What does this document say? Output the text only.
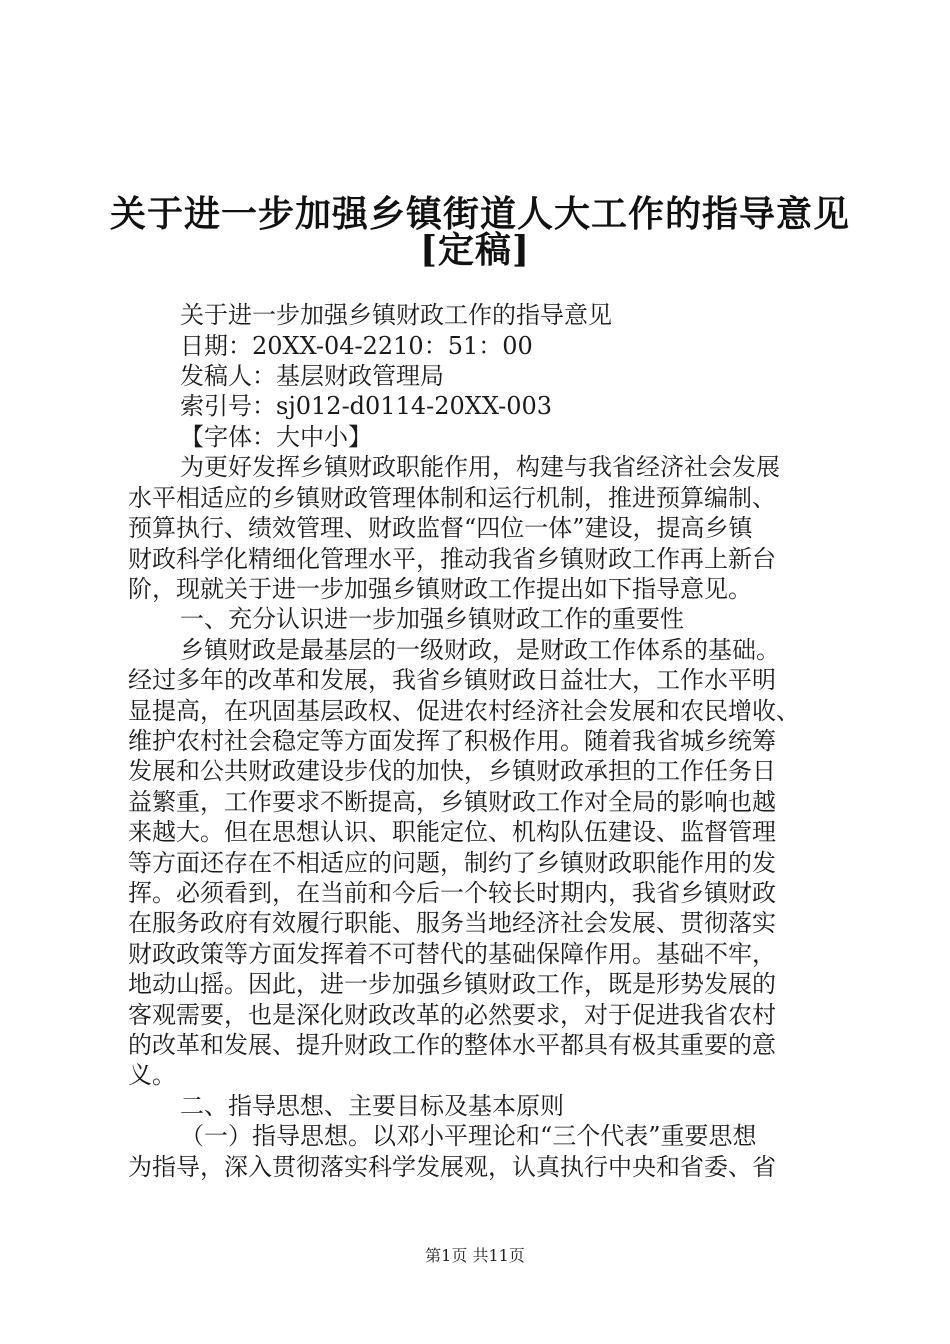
关于进一步加强乡镇街道人大工作的指导意见
[定稿]
关于进一步加强乡镇财政工作的指导意见
日期：20XX-04-2210：51：00
发稿人：基层财政管理局
索引号：sj012-d0114-20XX-003
【字体：大中小】
为更好发挥乡镇财政职能作用，构建与我省经济社会发展
水平相适应的乡镇财政管理体制和运行机制，推进预算编制、
预算执行、绩效管理、财政监督“四位一体”建设，提高乡镇
财政科学化精细化管理水平，推动我省乡镇财政工作再上新台
阶，现就关于进一步加强乡镇财政工作提出如下指导意见。
一、充分认识进一步加强乡镇财政工作的重要性
乡镇财政是最基层的一级财政，是财政工作体系的基础。
经过多年的改革和发展，我省乡镇财政日益壮大，工作水平明
显提高，在巩固基层政权、促进农村经济社会发展和农民增收、
维护农村社会稳定等方面发挥了积极作用。随着我省城乡统筹
发展和公共财政建设步伐的加快，乡镇财政承担的工作任务日
益繁重，工作要求不断提高，乡镇财政工作对全局的影响也越
来越大。但在思想认识、职能定位、机构队伍建设、监督管理
等方面还存在不相适应的问题，制约了乡镇财政职能作用的发
挥。必须看到，在当前和今后一个较长时期内，我省乡镇财政
在服务政府有效履行职能、服务当地经济社会发展、贯彻落实
财政政策等方面发挥着不可替代的基础保障作用。基础不牢，
地动山摇。因此，进一步加强乡镇财政工作，既是形势发展的
客观需要，也是深化财政改革的必然要求，对于促进我省农村
的改革和发展、提升财政工作的整体水平都具有极其重要的意
义。
二、指导思想、主要目标及基本原则
（一）指导思想。以邓小平理论和“三个代表”重要思想
为指导，深入贯彻落实科学发展观，认真执行中央和省委、省
第1页 共11页
